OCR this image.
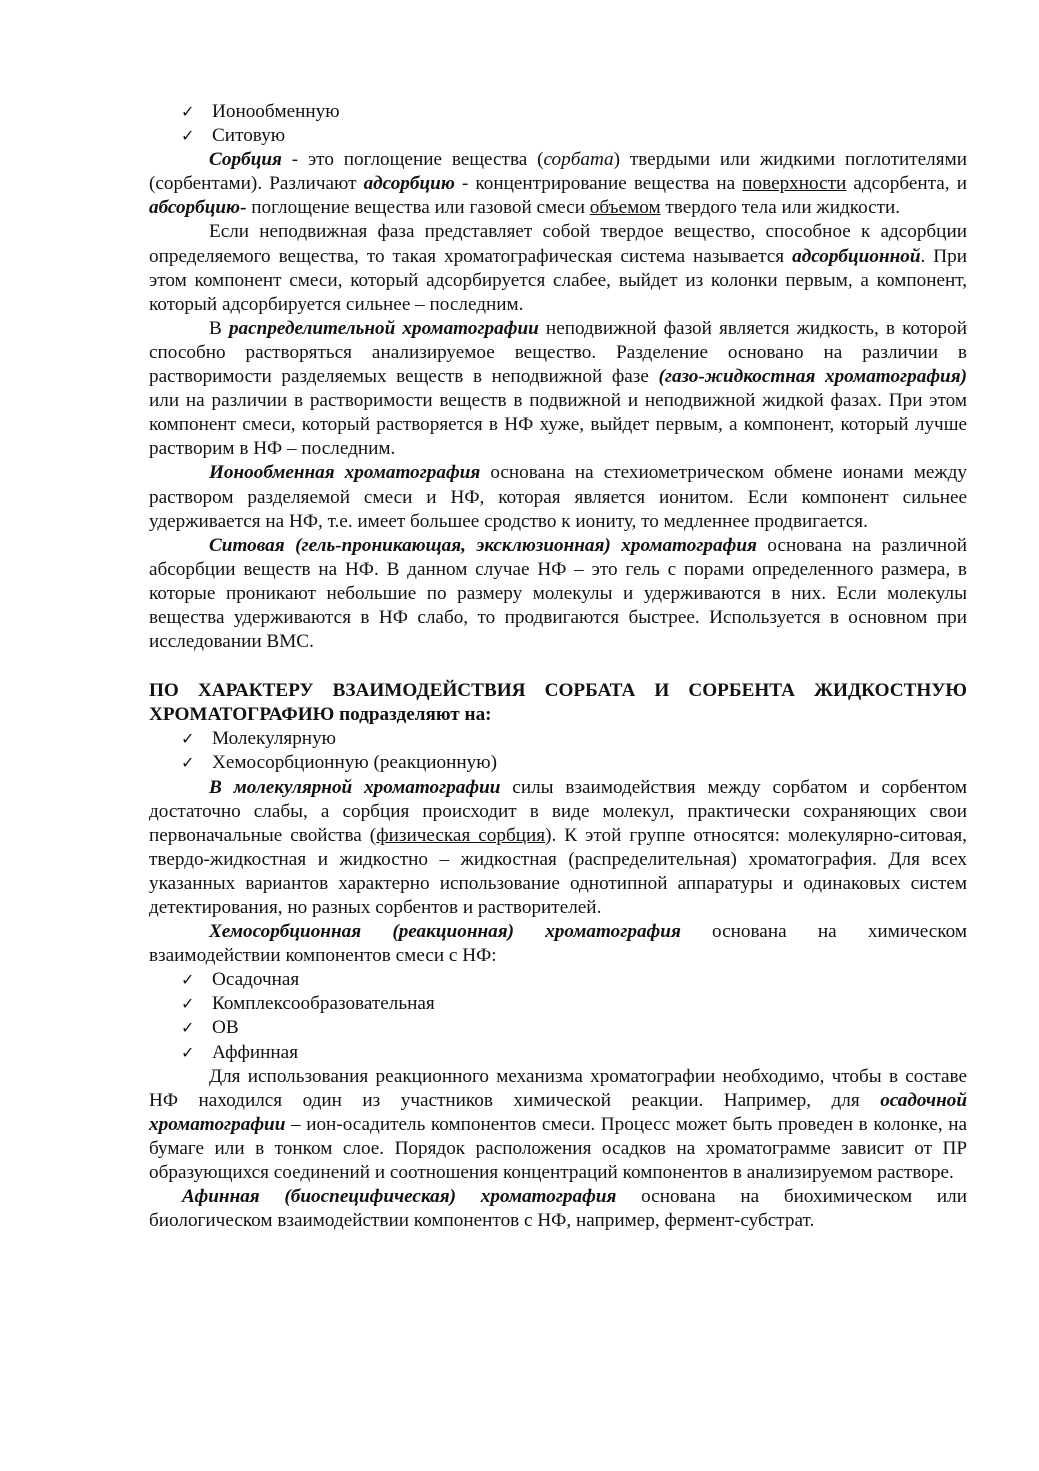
✓ Ионообменную
✓ Ситовую

Сорбция - это поглощение вещества (сорбата) твердыми или жидкими поглотителями (сорбентами). Различают адсорбцию - концентрирование вещества на поверхности адсорбента, и абсорбцию- поглощение вещества или газовой смеси объемом твердого тела или жидкости.

Если неподвижная фаза представляет собой твердое вещество, способное к адсорбции определяемого вещества, то такая хроматографическая система называется адсорбционной. При этом компонент смеси, который адсорбируется слабее, выйдет из колонки первым, а компонент, который адсорбируется сильнее – последним.

В распределительной хроматографии неподвижной фазой является жидкость, в которой способно растворяться анализируемое вещество. Разделение основано на различии в растворимости разделяемых веществ в неподвижной фазе (газо-жидкостная хроматография) или на различии в растворимости веществ в подвижной и неподвижной жидкой фазах. При этом компонент смеси, который растворяется в НФ хуже, выйдет первым, а компонент, который лучше растворим в НФ – последним.

Ионообменная хроматография основана на стехиометрическом обмене ионами между раствором разделяемой смеси и НФ, которая является ионитом. Если компонент сильнее удерживается на НФ, т.е. имеет большее сродство к иониту, то медленнее продвигается.

Ситовая (гель-проникающая, эксклюзионная) хроматография основана на различной абсорбции веществ на НФ. В данном случае НФ – это гель с порами определенного размера, в которые проникают небольшие по размеру молекулы и удерживаются в них. Если молекулы вещества удерживаются в НФ слабо, то продвигаются быстрее. Используется в основном при исследовании ВМС.

ПО ХАРАКТЕРУ ВЗАИМОДЕЙСТВИЯ СОРБАТА И СОРБЕНТА ЖИДКОСТНУЮ ХРОМАТОГРАФИЮ подразделяют на:

✓ Молекулярную
✓ Хемосорбционную (реакционную)

В молекулярной хроматографии силы взаимодействия между сорбатом и сорбентом достаточно слабы, а сорбция происходит в виде молекул, практически сохраняющих свои первоначальные свойства (физическая сорбция). К этой группе относятся: молекулярно-ситовая, твердо-жидкостная и жидкостно – жидкостная (распределительная) хроматография. Для всех указанных вариантов характерно использование однотипной аппаратуры и одинаковых систем детектирования, но разных сорбентов и растворителей.

Хемосорбционная (реакционная) хроматография основана на химическом взаимодействии компонентов смеси с НФ:

✓ Осадочная
✓ Комплексообразовательная
✓ ОВ
✓ Аффинная

Для использования реакционного механизма хроматографии необходимо, чтобы в составе НФ находился один из участников химической реакции. Например, для осадочной хроматографии – ион-осадитель компонентов смеси. Процесс может быть проведен в колонке, на бумаге или в тонком слое. Порядок расположения осадков на хроматограмме зависит от ПР образующихся соединений и соотношения концентраций компонентов в анализируемом растворе.

Афинная (биоспецифическая) хроматография основана на биохимическом или биологическом взаимодействии компонентов с НФ, например, фермент-субстрат.
